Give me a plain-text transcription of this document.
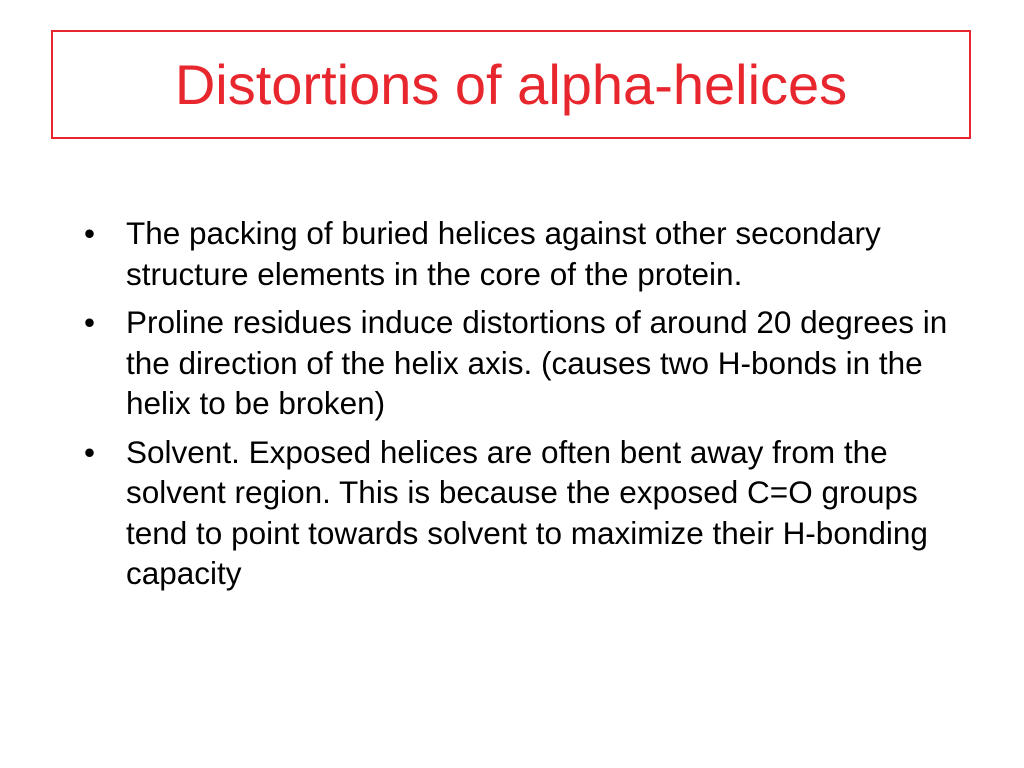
Distortions of alpha-helices
• The packing of buried helices against other secondary structure elements in the core of the protein.
• Proline residues induce distortions of around 20 degrees in the direction of the helix axis. (causes two H-bonds in the helix to be broken)
• Solvent. Exposed helices are often bent away from the solvent region. This is because the exposed C=O groups tend to point towards solvent to maximize their H-bonding capacity
